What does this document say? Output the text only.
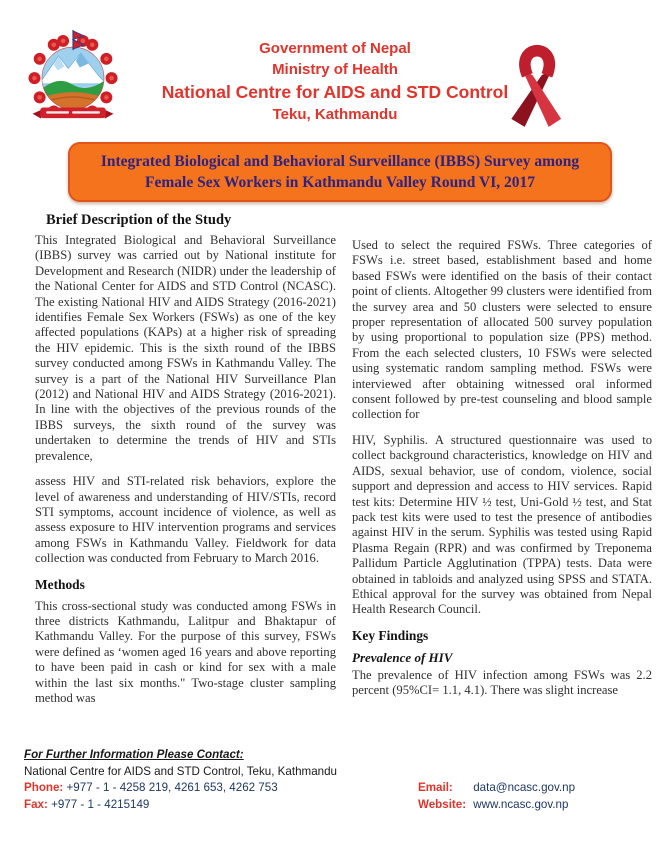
Government of Nepal
Ministry of Health
National Centre for AIDS and STD Control
Teku, Kathmandu
Integrated Biological and Behavioral Surveillance (IBBS) Survey among Female Sex Workers in Kathmandu Valley Round VI, 2017
Brief Description of the Study

This Integrated Biological and Behavioral Surveillance (IBBS) survey was carried out by National institute for Development and Research (NIDR) under the leadership of the National Center for AIDS and STD Control (NCASC). The existing National HIV and AIDS Strategy (2016-2021) identifies Female Sex Workers (FSWs) as one of the key affected populations (KAPs) at a higher risk of spreading the HIV epidemic. This is the sixth round of the IBBS survey conducted among FSWs in Kathmandu Valley. The survey is a part of the National HIV Surveillance Plan (2012) and National HIV and AIDS Strategy (2016-2021). In line with the objectives of the previous rounds of the IBBS surveys, the sixth round of the survey was undertaken to determine the trends of HIV and STIs prevalence,

assess HIV and STI-related risk behaviors, explore the level of awareness and understanding of HIV/STIs, record STI symptoms, account incidence of violence, as well as assess exposure to HIV intervention programs and services among FSWs in Kathmandu Valley. Fieldwork for data collection was conducted from February to March 2016.

Methods

This cross-sectional study was conducted among FSWs in three districts Kathmandu, Lalitpur and Bhaktapur of Kathmandu Valley. For the purpose of this survey, FSWs were defined as ‘women aged 16 years and above reporting to have been paid in cash or kind for sex with a male within the last six months." Two-stage cluster sampling method was

Used to select the required FSWs. Three categories of FSWs i.e. street based, establishment based and home based FSWs were identified on the basis of their contact point of clients. Altogether 99 clusters were identified from the survey area and 50 clusters were selected to ensure proper representation of allocated 500 survey population by using proportional to population size (PPS) method. From the each selected clusters, 10 FSWs were selected using systematic random sampling method. FSWs were interviewed after obtaining witnessed oral informed consent followed by pre-test counseling and blood sample collection for

HIV, Syphilis. A structured questionnaire was used to collect background characteristics, knowledge on HIV and AIDS, sexual behavior, use of condom, violence, social support and depression and access to HIV services. Rapid test kits: Determine HIV ½ test, Uni-Gold ½ test, and Stat pack test kits were used to test the presence of antibodies against HIV in the serum. Syphilis was tested using Rapid Plasma Regain (RPR) and was confirmed by Treponema Pallidum Particle Agglutination (TPPA) tests. Data were obtained in tabloids and analyzed using SPSS and STATA. Ethical approval for the survey was obtained from Nepal Health Research Council.

Key Findings
Prevalence of HIV

The prevalence of HIV infection among FSWs was 2.2 percent (95%CI= 1.1, 4.1). There was slight increase

For Further Information Please Contact:
National Centre for AIDS and STD Control, Teku, Kathmandu
Phone: +977 - 1 - 4258 219, 4261 653, 4262 753
Fax: +977 - 1 - 4215149
Email: data@ncasc.gov.np
Website: www.ncasc.gov.np
